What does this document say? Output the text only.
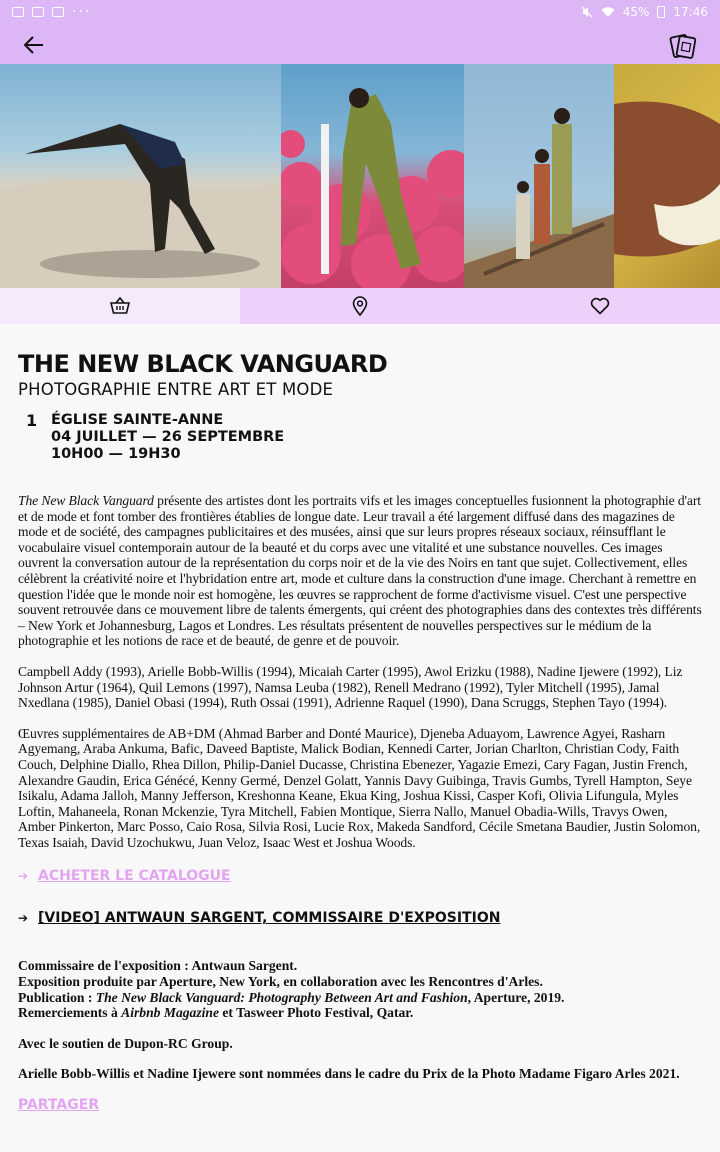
···	45% 17:46
THE NEW BLACK VANGUARD
PHOTOGRAPHIE ENTRE ART ET MODE
1 ÉGLISE SAINTE-ANNE
04 JUILLET — 26 SEPTEMBRE
10H00 — 19H30

The New Black Vanguard présente des artistes dont les portraits vifs et les images conceptuelles fusionnent la photographie d'art et de mode et font tomber des frontières établies de longue date. Leur travail a été largement diffusé dans des magazines de mode et de société, des campagnes publicitaires et des musées, ainsi que sur leurs propres réseaux sociaux, réinsufflant le vocabulaire visuel contemporain autour de la beauté et du corps avec une vitalité et une substance nouvelles. Ces images ouvrent la conversation autour de la représentation du corps noir et de la vie des Noirs en tant que sujet. Collectivement, elles célèbrent la créativité noire et l'hybridation entre art, mode et culture dans la construction d'une image. Cherchant à remettre en question l'idée que le monde noir est homogène, les œuvres se rapprochent de forme d'activisme visuel. C'est une perspective souvent retrouvée dans ce mouvement libre de talents émergents, qui créent des photographies dans des contextes très différents – New York et Johannesburg, Lagos et Londres. Les résultats présentent de nouvelles perspectives sur le médium de la photographie et les notions de race et de beauté, de genre et de pouvoir.

Campbell Addy (1993), Arielle Bobb-Willis (1994), Micaiah Carter (1995), Awol Erizku (1988), Nadine Ijewere (1992), Liz Johnson Artur (1964), Quil Lemons (1997), Namsa Leuba (1982), Renell Medrano (1992), Tyler Mitchell (1995), Jamal Nxedlana (1985), Daniel Obasi (1994), Ruth Ossai (1991), Adrienne Raquel (1990), Dana Scruggs, Stephen Tayo (1994).

Œuvres supplémentaires de AB+DM (Ahmad Barber and Donté Maurice), Djeneba Aduayom, Lawrence Agyei, Rasharn Agyemang, Araba Ankuma, Bafic, Daveed Baptiste, Malick Bodian, Kennedi Carter, Jorian Charlton, Christian Cody, Faith Couch, Delphine Diallo, Rhea Dillon, Philip-Daniel Ducasse, Christina Ebenezer, Yagazie Emezi, Cary Fagan, Justin French, Alexandre Gaudin, Erica Génécé, Kenny Germé, Denzel Golatt, Yannis Davy Guibinga, Travis Gumbs, Tyrell Hampton, Seye Isikalu, Adama Jalloh, Manny Jefferson, Kreshonna Keane, Ekua King, Joshua Kissi, Casper Kofi, Olivia Lifungula, Myles Loftin, Mahaneela, Ronan Mckenzie, Tyra Mitchell, Fabien Montique, Sierra Nallo, Manuel Obadia-Wills, Travys Owen, Amber Pinkerton, Marc Posso, Caio Rosa, Silvia Rosi, Lucie Rox, Makeda Sandford, Cécile Smetana Baudier, Justin Solomon, Texas Isaiah, David Uzochukwu, Juan Veloz, Isaac West et Joshua Woods.

➔ ACHETER LE CATALOGUE
➔ [VIDEO] ANTWAUN SARGENT, COMMISSAIRE D'EXPOSITION
Commissaire de l'exposition : Antwaun Sargent.
Exposition produite par Aperture, New York, en collaboration avec les Rencontres d'Arles.
Publication : The New Black Vanguard: Photography Between Art and Fashion, Aperture, 2019.
Remerciements à Airbnb Magazine et Tasweer Photo Festival, Qatar.
Avec le soutien de Dupon-RC Group.
Arielle Bobb-Willis et Nadine Ijewere sont nommées dans le cadre du Prix de la Photo Madame Figaro Arles 2021.
PARTAGER
